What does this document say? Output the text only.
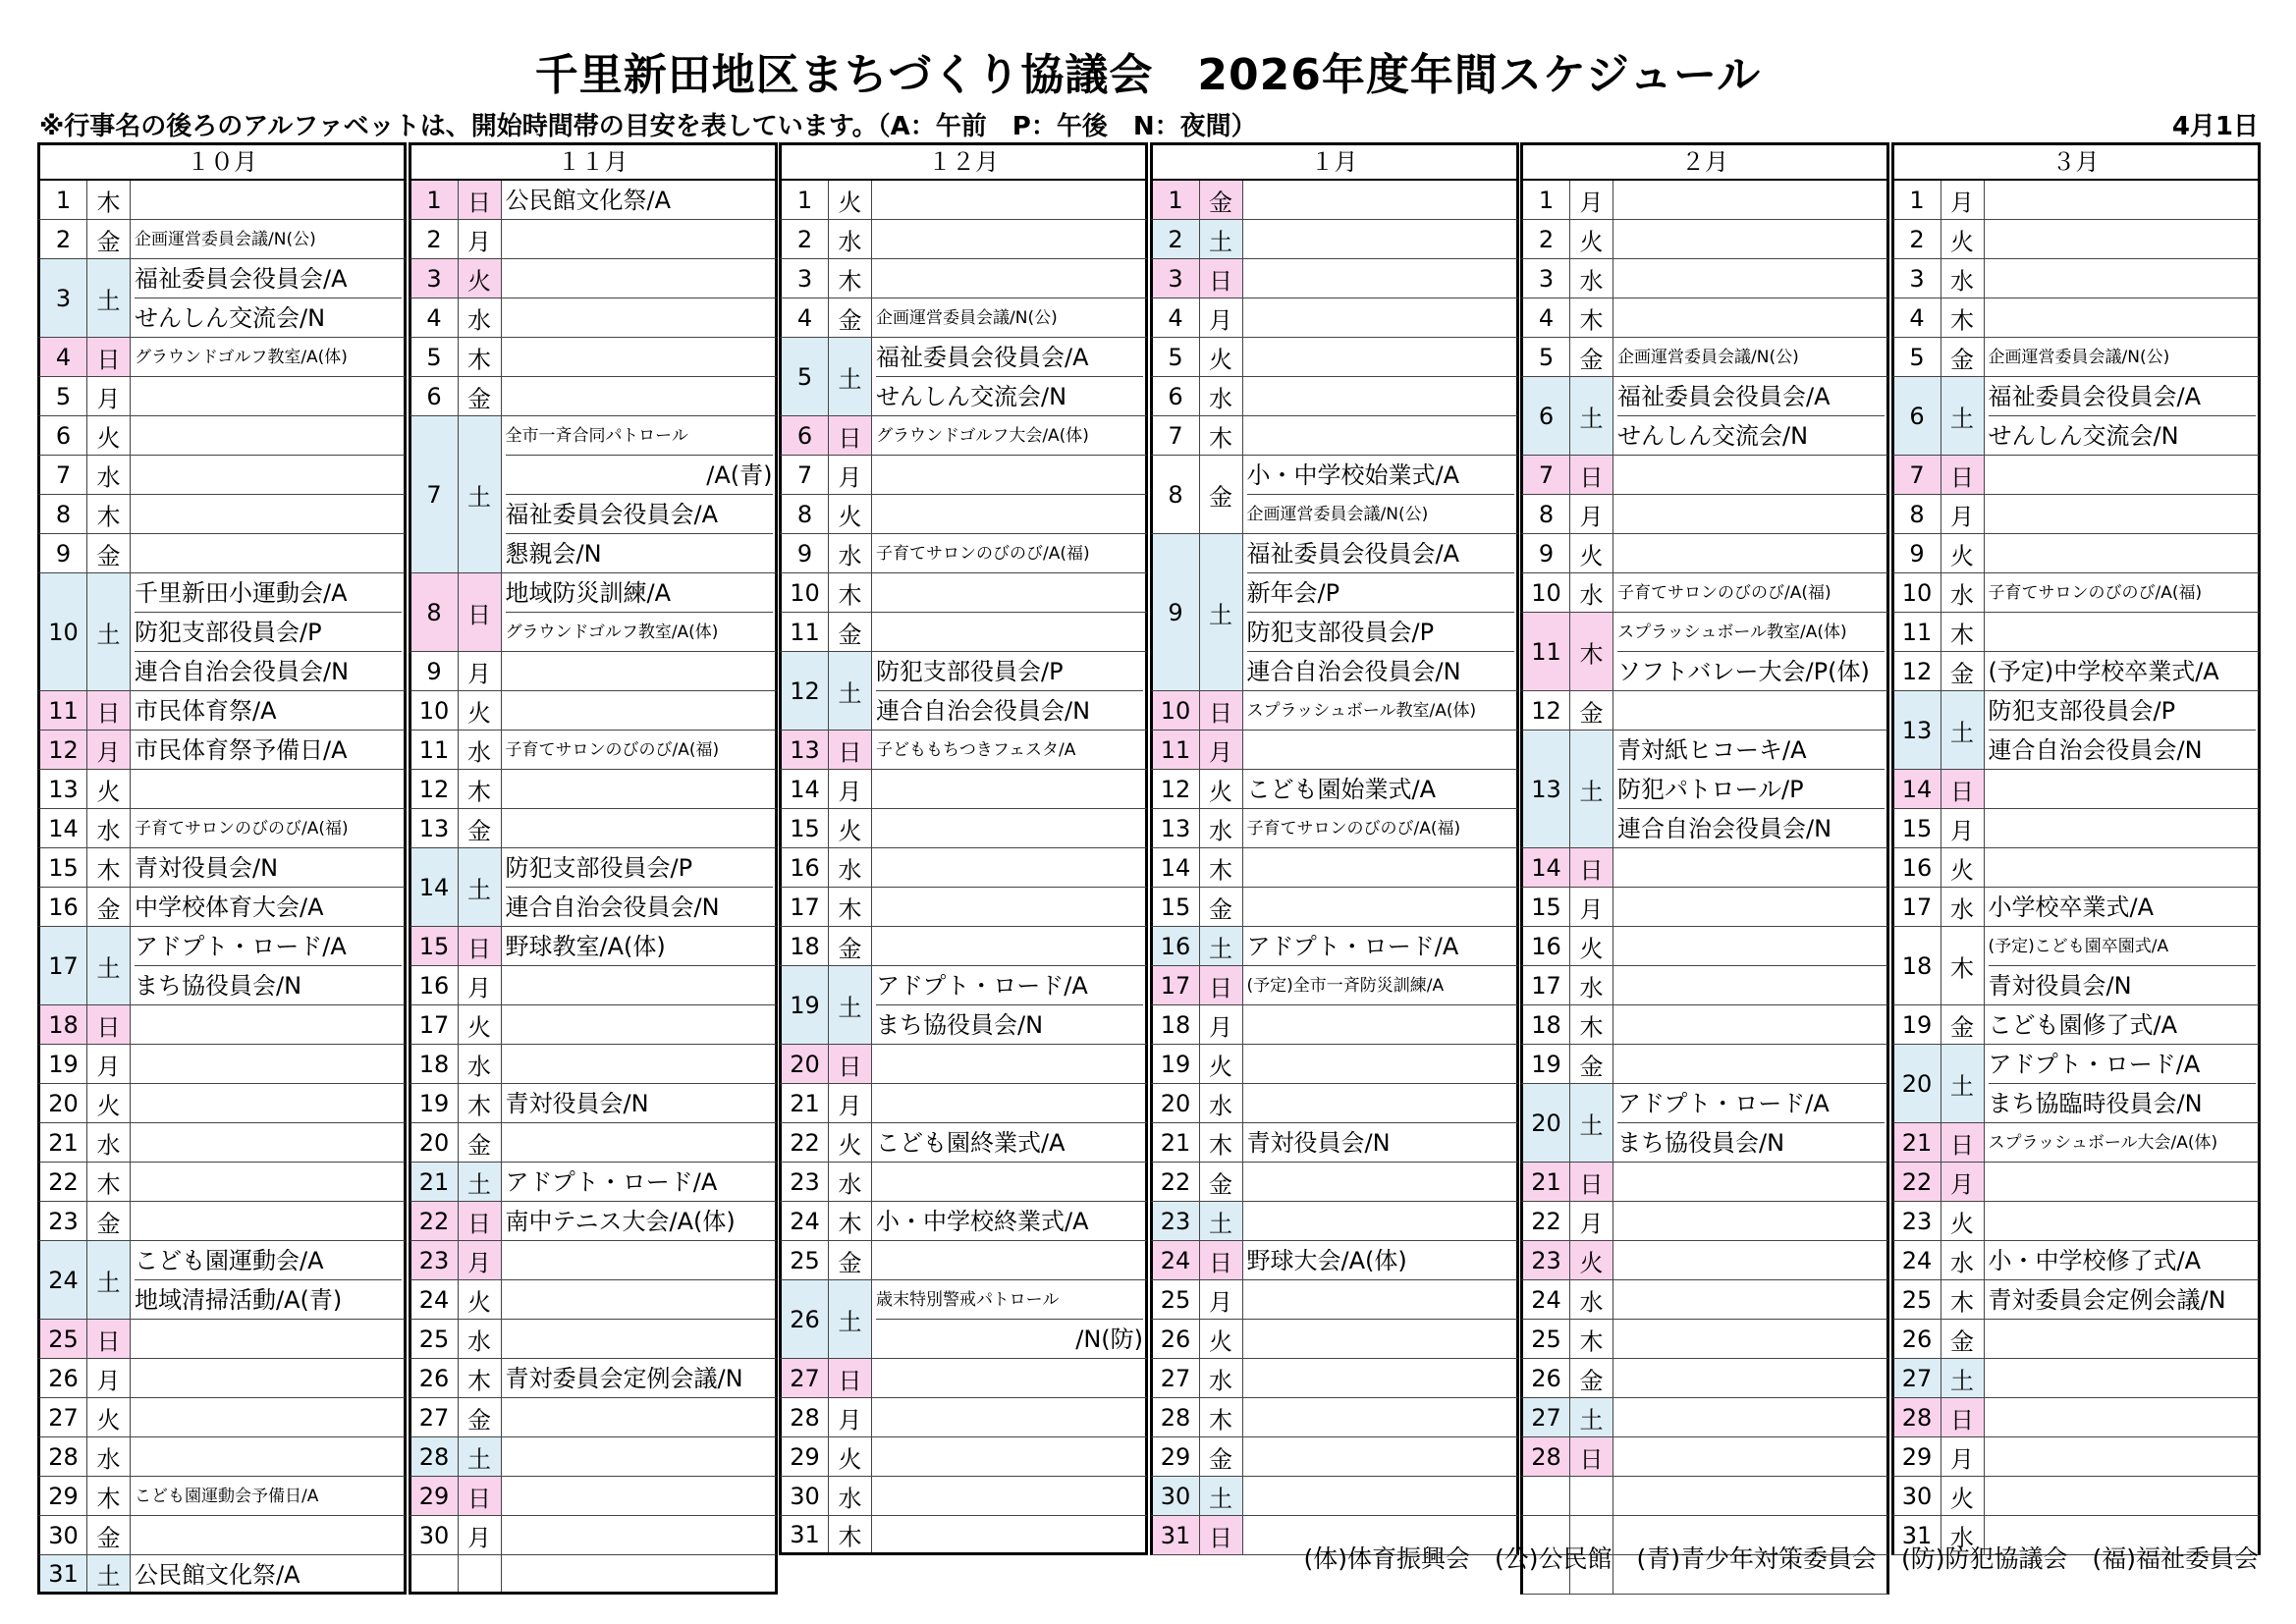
千里新田地区まちづくり協議会　2026年度年間スケジュール
※行事名の後ろのアルファベットは、開始時間帯の目安を表しています。（A：午前　P：午後　N：夜間）	4月1日
１０月
1	木
2	金 企画運営委員会議/N(公)
3	土
福祉委員会役員会/A
せんしん交流会/N
4	日 グラウンドゴルフ教室/A(体)
5	月
6	火
7	水
8	木
9	金
10 土
千里新田小運動会/A
防犯支部役員会/P
連合自治会役員会/N
11 日 市民体育祭/A
12 月 市民体育祭予備日/A
13 火
14 水 子育てサロンのびのび/A(福)
15 木 青対役員会/N
16 金 中学校体育大会/A
17 土
アドプト・ロード/A
まち協役員会/N
18 日
19 月
20 火
21 水
22 木
23 金
24 土
こども園運動会/A
地域清掃活動/A(青)
25 日
26 月
27 火
28 水
29 木 こども園運動会予備日/A
30 金
31 土 公民館文化祭/A
１１月
1	日 公民館文化祭/A
2	月
3	火
4	水
5	木
6	金
7	土
全市一斉合同パトロール
/A(青)
福祉委員会役員会/A
懇親会/N
8	日
地域防災訓練/A
グラウンドゴルフ教室/A(体)
9	月
10 火
11 水 子育てサロンのびのび/A(福)
12 木
13 金
14 土
防犯支部役員会/P
連合自治会役員会/N
15 日 野球教室/A(体)
16 月
17 火
18 水
19 木 青対役員会/N
20 金
21 土 アドプト・ロード/A
22 日 南中テニス大会/A(体)
23 月
24 火
25 水
26 木 青対委員会定例会議/N
27 金
28 土
29 日
30 月
１２月
1	火
2	水
3	木
4	金 企画運営委員会議/N(公)
5	土
福祉委員会役員会/A
せんしん交流会/N
6	日 グラウンドゴルフ大会/A(体)
7	月
8	火
9	水 子育てサロンのびのび/A(福)
10 木
11 金
12 土
防犯支部役員会/P
連合自治会役員会/N
13 日 子どももちつきフェスタ/A
14 月
15 火
16 水
17 木
18 金
19 土
アドプト・ロード/A
まち協役員会/N
20 日
21 月
22 火 こども園終業式/A
23 水
24 木 小・中学校終業式/A
25 金
26 土
歳末特別警戒パトロール
/N(防)
27 日
28 月
29 火
30 水
31 木
１月
1	金
2	土
3	日
4	月
5	火
6	水
7	木
8	金
小・中学校始業式/A
企画運営委員会議/N(公)
9	土
福祉委員会役員会/A
新年会/P
防犯支部役員会/P
連合自治会役員会/N
10 日 スプラッシュボール教室/A(体)
11 月
12 火 こども園始業式/A
13 水 子育てサロンのびのび/A(福)
14 木
15 金
16 土 アドプト・ロード/A
17 日 (予定)全市一斉防災訓練/A
18 月
19 火
20 水
21 木 青対役員会/N
22 金
23 土
24 日 野球大会/A(体)
25 月
26 火
27 水
28 木
29 金
30 土
31 日
２月
1	月
2	火
3	水
4	木
5	金 企画運営委員会議/N(公)
6	土
福祉委員会役員会/A
せんしん交流会/N
7	日
8	月
9	火
10 水 子育てサロンのびのび/A(福)
11 木
スプラッシュボール教室/A(体)
ソフトバレー大会/P(体)
12 金
13 土
青対紙ヒコーキ/A
防犯パトロール/P
連合自治会役員会/N
14 日
15 月
16 火
17 水
18 木
19 金
20 土
アドプト・ロード/A
まち協役員会/N
21 日
22 月
23 火
24 水
25 木
26 金
27 土
28 日
３月
1	月
2	火
3	水
4	木
5	金 企画運営委員会議/N(公)
6	土
福祉委員会役員会/A
せんしん交流会/N
7	日
8	月
9	火
10 水 子育てサロンのびのび/A(福)
11 木
12 金 (予定)中学校卒業式/A
13 土
防犯支部役員会/P
連合自治会役員会/N
14 日
15 月
16 火
17 水 小学校卒業式/A
18 木
(予定)こども園卒園式/A
青対役員会/N
19 金 こども園修了式/A
20 土
アドプト・ロード/A
まち協臨時役員会/N
21 日 スプラッシュボール大会/A(体)
22 月
23 火
24 水 小・中学校修了式/A
25 木 青対委員会定例会議/N
26 金
27 土
28 日
29 月
30 火
31 水
(体)体育振興会　(公)公民館　(青)青少年対策委員会　(防)防犯協議会　(福)福祉委員会
